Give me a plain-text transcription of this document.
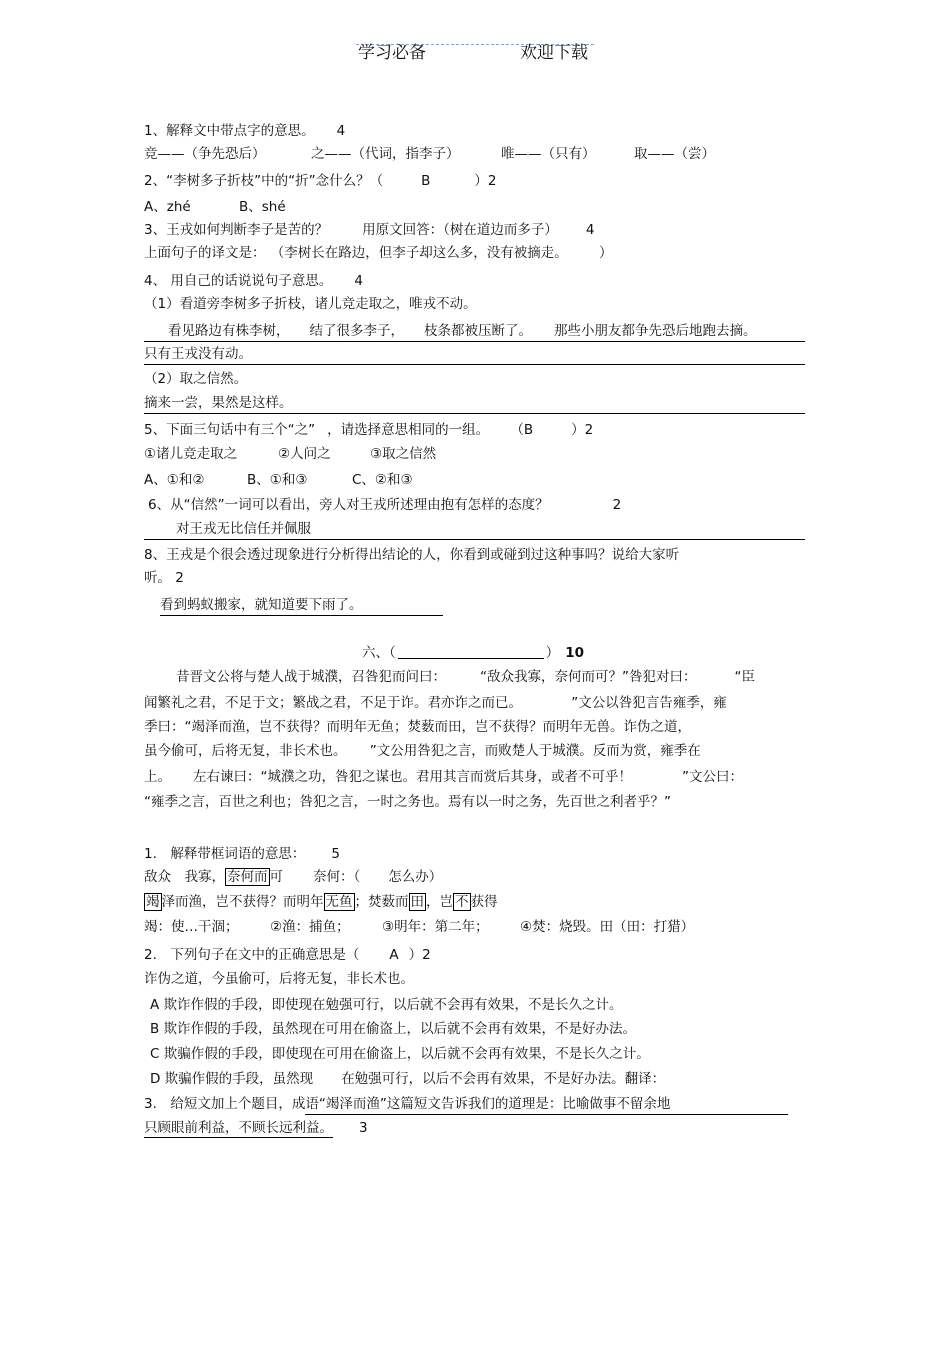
学习必备	欢迎下载
1、解释文中带点字的意思。 4
竞——（争先恐后）	之——（代词，指李子）	唯——（只有）	取——（尝）
2、“李树多子折枝”中的“折”念什么？（	B	）2
A、zhé	B、shé
3、王戎如何判断李子是苦的？	用原文回答：（树在道边而多子） 4
上面句子的译文是： （李树长在路边，但李子却这么多，没有被摘走。	）
4、 用自己的话说说句子意思。 4
（1）看道旁李树多子折枝，诸儿竞走取之，唯戎不动。
看见路边有株李树， 结了很多李子， 枝条都被压断了。 那些小朋友都争先恐后地跑去摘。
只有王戎没有动。
（2）取之信然。
摘来一尝，果然是这样。
5、下面三句话中有三个“之” ，请选择意思相同的一组。 （B	）2
①诸儿竞走取之	②人问之	③取之信然
A、①和②	B、①和③	C、②和③
6、从“信然”一词可以看出，旁人对王戎所述理由抱有怎样的态度？	2
对王戎无比信任并佩服
8、王戎是个很会透过现象进行分析得出结论的人，你看到或碰到过这种事吗？说给大家听
听。 2
看到蚂蚁搬家，就知道要下雨了。
六、（	） 10
昔晋文公将与楚人战于城濮，召咎犯而问曰：	“敌众我寡，奈何而可？”咎犯对曰：	“臣
闻繁礼之君，不足于文；繁战之君，不足于诈。君亦诈之而已。	”文公以咎犯言告雍季，雍
季曰：“竭泽而渔，岂不获得？而明年无鱼；焚薮而田，岂不获得？而明年无兽。诈伪之道，
虽今偷可，后将无复，非长术也。 ”文公用咎犯之言，而败楚人于城濮。反而为赏，雍季在
上。 左右谏曰：“城濮之功，咎犯之谋也。君用其言而赏后其身，或者不可乎！	”文公曰：
“雍季之言，百世之利也；咎犯之言，一时之务也。焉有以一时之务，先百世之利者乎？”
1.　解释带框词语的意思： 5
敌众　我寡， 奈何而 可 奈何：（ 怎么办）
竭 泽而渔，岂不获得？而明年 无鱼 ；焚薮而 田 ，岂 不 获得
竭：使…干涸； ②渔：捕鱼； ③明年：第二年； ④焚：烧毁。田（田：打猎）
2.　下列句子在文中的正确意思是（ A ）2
诈伪之道，今虽偷可，后将无复，非长术也。
A 欺诈作假的手段，即使现在勉强可行，以后就不会再有效果，不是长久之计。
B 欺诈作假的手段，虽然现在可用在偷盗上，以后就不会再有效果，不是好办法。
C 欺骗作假的手段，即使现在可用在偷盗上，以后就不会再有效果，不是长久之计。
D 欺骗作假的手段，虽然现 在勉强可行，以后不会再有效果，不是好办法。翻译：
3.　给短文加上个题目，成语“竭泽而渔”这篇短文告诉我们的道理是：比喻做事不留余地
只顾眼前利益，不顾长远利益。 3
